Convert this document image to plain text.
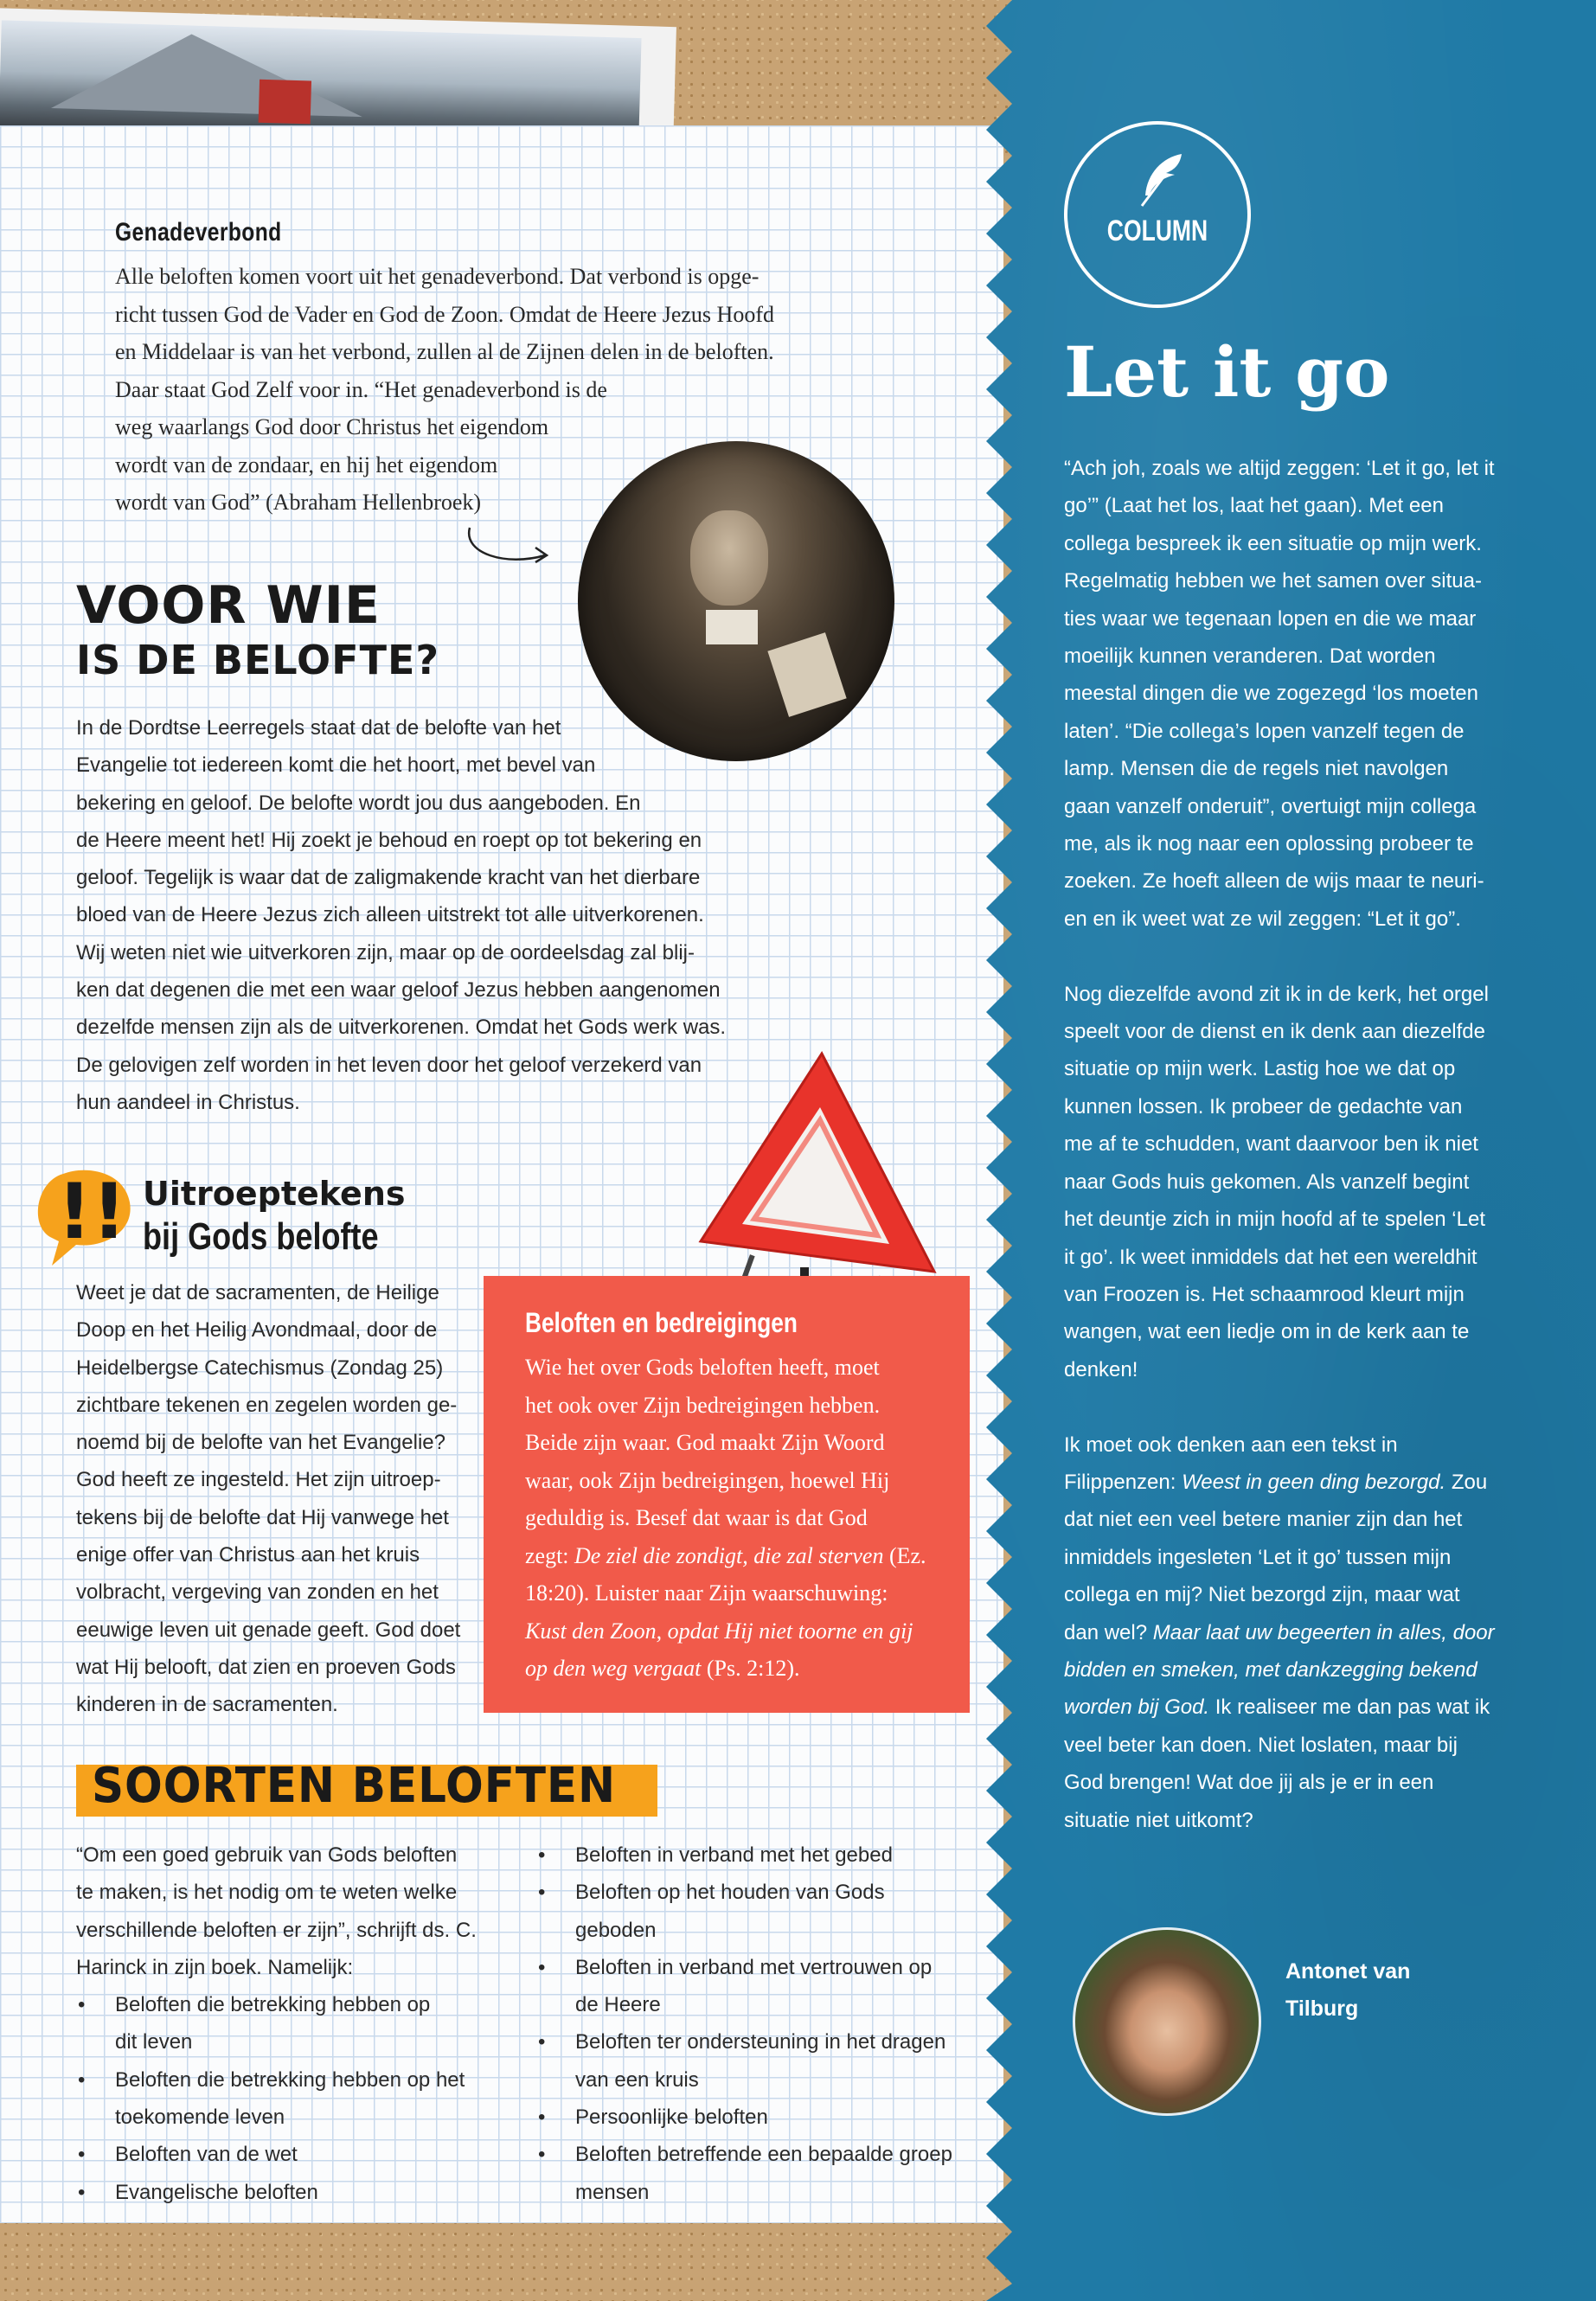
Genadeverbond

Alle beloften komen voort uit het genadeverbond. Dat verbond is opge-

richt tussen God de Vader en God de Zoon. Omdat de Heere Jezus Hoofd

en Middelaar is van het verbond, zullen al de Zijnen delen in de beloften.

Daar staat God Zelf voor in. “Het genadeverbond is de

weg waarlangs God door Christus het eigendom

wordt van de zondaar, en hij het eigendom

wordt van God” (Abraham Hellenbroek)

VOOR WIE
IS DE BELOFTE?

In de Dordtse Leerregels staat dat de belofte van het

Evangelie tot iedereen komt die het hoort, met bevel van

bekering en geloof. De belofte wordt jou dus aangeboden. En

de Heere meent het! Hij zoekt je behoud en roept op tot bekering en

geloof. Tegelijk is waar dat de zaligmakende kracht van het dierbare

bloed van de Heere Jezus zich alleen uitstrekt tot alle uitverkorenen.

Wij weten niet wie uitverkoren zijn, maar op de oordeelsdag zal blij-

ken dat degenen die met een waar geloof Jezus hebben aangenomen

dezelfde mensen zijn als de uitverkorenen. Omdat het Gods werk was.

De gelovigen zelf worden in het leven door het geloof verzekerd van

hun aandeel in Christus.

!! Uitroeptekens
bij Gods belofte

Weet je dat de sacramenten, de Heilige

Doop en het Heilig Avondmaal, door de

Heidelbergse Catechismus (Zondag 25)

zichtbare tekenen en zegelen worden ge-

noemd bij de belofte van het Evangelie?

God heeft ze ingesteld. Het zijn uitroep-

tekens bij de belofte dat Hij vanwege het

enige offer van Christus aan het kruis

volbracht, vergeving van zonden en het

eeuwige leven uit genade geeft. God doet

wat Hij belooft, dat zien en proeven Gods

kinderen in de sacramenten.

Beloften en bedreigingen

Wie het over Gods beloften heeft, moet

het ook over Zijn bedreigingen hebben.

Beide zijn waar. God maakt Zijn Woord

waar, ook Zijn bedreigingen, hoewel Hij

geduldig is. Besef dat waar is dat God

zegt: De ziel die zondigt, die zal sterven (Ez.

18:20). Luister naar Zijn waarschuwing:

Kust den Zoon, opdat Hij niet toorne en gij

op den weg vergaat (Ps. 2:12).

SOORTEN BELOFTEN

“Om een goed gebruik van Gods beloften

te maken, is het nodig om te weten welke

verschillende beloften er zijn”, schrijft ds. C.

Harinck in zijn boek. Namelijk:

• Beloften die betrekking hebben op dit leven
• Beloften die betrekking hebben op het toekomende leven
• Beloften van de wet
• Evangelische beloften
• Beloften in verband met het gebed
• Beloften op het houden van Gods geboden
• Beloften in verband met vertrouwen op de Heere
• Beloften ter ondersteuning in het dragen van een kruis
• Persoonlijke beloften
• Beloften betreffende een bepaalde groep mensen
COLUMN
Let it go

“Ach joh, zoals we altijd zeggen: ‘Let it go, let it go’” (Laat het los, laat het gaan). Met een collega bespreek ik een situatie op mijn werk. Regelmatig hebben we het samen over situaties waar we tegenaan lopen en die we maar moeilijk kunnen veranderen. Dat worden meestal dingen die we zogezegd ‘los moeten laten’. “Die collega’s lopen vanzelf tegen de lamp. Mensen die de regels niet navolgen gaan vanzelf onderuit”, overtuigt mijn collega me, als ik nog naar een oplossing probeer te zoeken. Ze hoeft alleen de wijs maar te neurien en ik weet wat ze wil zeggen: “Let it go”.

Nog diezelfde avond zit ik in de kerk, het orgel speelt voor de dienst en ik denk aan diezelfde situatie op mijn werk. Lastig hoe we dat op kunnen lossen. Ik probeer de gedachte van me af te schudden, want daarvoor ben ik niet naar Gods huis gekomen. Als vanzelf begint het deuntje zich in mijn hoofd af te spelen ‘Let it go’. Ik weet inmiddels dat het een wereldhit van Froozen is. Het schaamrood kleurt mijn wangen, wat een liedje om in de kerk aan te denken!

Ik moet ook denken aan een tekst in Filippenzen: Weest in geen ding bezorgd. Zou dat niet een veel betere manier zijn dan het inmiddels ingesleten ‘Let it go’ tussen mijn collega en mij? Niet bezorgd zijn, maar wat dan wel? Maar laat uw begeerten in alles, door bidden en smeken, met dankzegging bekend worden bij God. Ik realiseer me dan pas wat ik veel beter kan doen. Niet loslaten, maar bij God brengen! Wat doe jij als je er in een situatie niet uitkomt?

Antonet van Tilburg
